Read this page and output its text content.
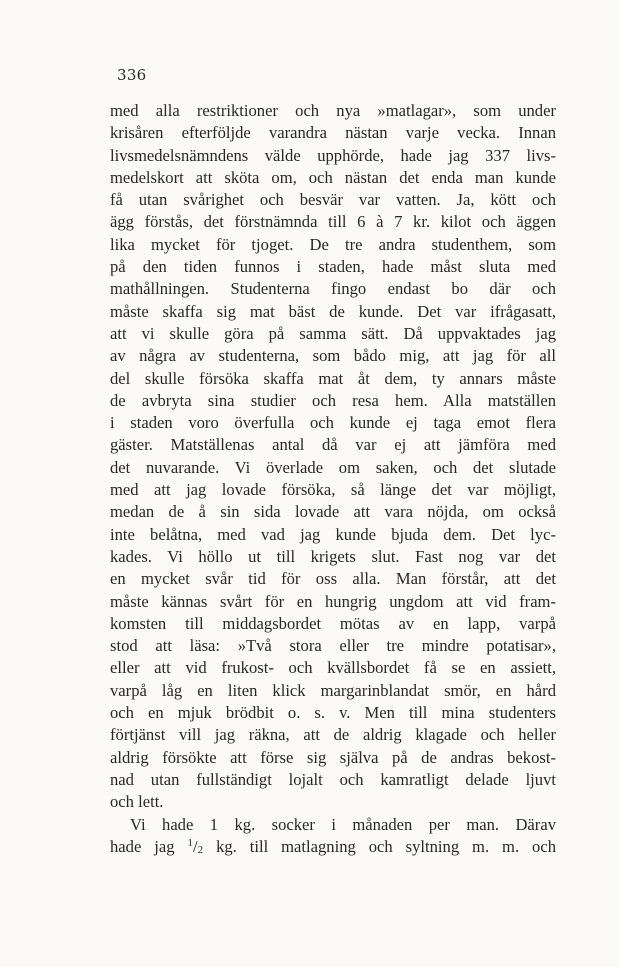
336
med alla restriktioner och nya »matlagar», som under
krisåren efterföljde varandra nästan varje vecka. Innan
livsmedelsnämndens välde upphörde, hade jag 337 livs-
medelskort att sköta om, och nästan det enda man kunde
få utan svårighet och besvär var vatten. Ja, kött och
ägg förstås, det förstnämnda till 6 à 7 kr. kilot och äggen
lika mycket för tjoget. De tre andra studenthem, som
på den tiden funnos i staden, hade måst sluta med
mathållningen. Studenterna fingo endast bo där och
måste skaffa sig mat bäst de kunde. Det var ifrågasatt,
att vi skulle göra på samma sätt. Då uppvaktades jag
av några av studenterna, som bådo mig, att jag för all
del skulle försöka skaffa mat åt dem, ty annars måste
de avbryta sina studier och resa hem. Alla matställen
i staden voro överfulla och kunde ej taga emot flera
gäster. Matställenas antal då var ej att jämföra med
det nuvarande. Vi överlade om saken, och det slutade
med att jag lovade försöka, så länge det var möjligt,
medan de å sin sida lovade att vara nöjda, om också
inte belåtna, med vad jag kunde bjuda dem. Det lyc-
kades. Vi höllo ut till krigets slut. Fast nog var det
en mycket svår tid för oss alla. Man förstår, att det
måste kännas svårt för en hungrig ungdom att vid fram-
komsten till middagsbordet mötas av en lapp, varpå
stod att läsa: »Två stora eller tre mindre potatisar»,
eller att vid frukost- och kvällsbordet få se en assiett,
varpå låg en liten klick margarinblandat smör, en hård
och en mjuk brödbit o. s. v. Men till mina studenters
förtjänst vill jag räkna, att de aldrig klagade och heller
aldrig försökte att förse sig själva på de andras bekost-
nad utan fullständigt lojalt och kamratligt delade ljuvt
och lett.
Vi hade 1 kg. socker i månaden per man. Därav
hade jag $^1$/2 kg. till matlagning och syltning m. m. och
